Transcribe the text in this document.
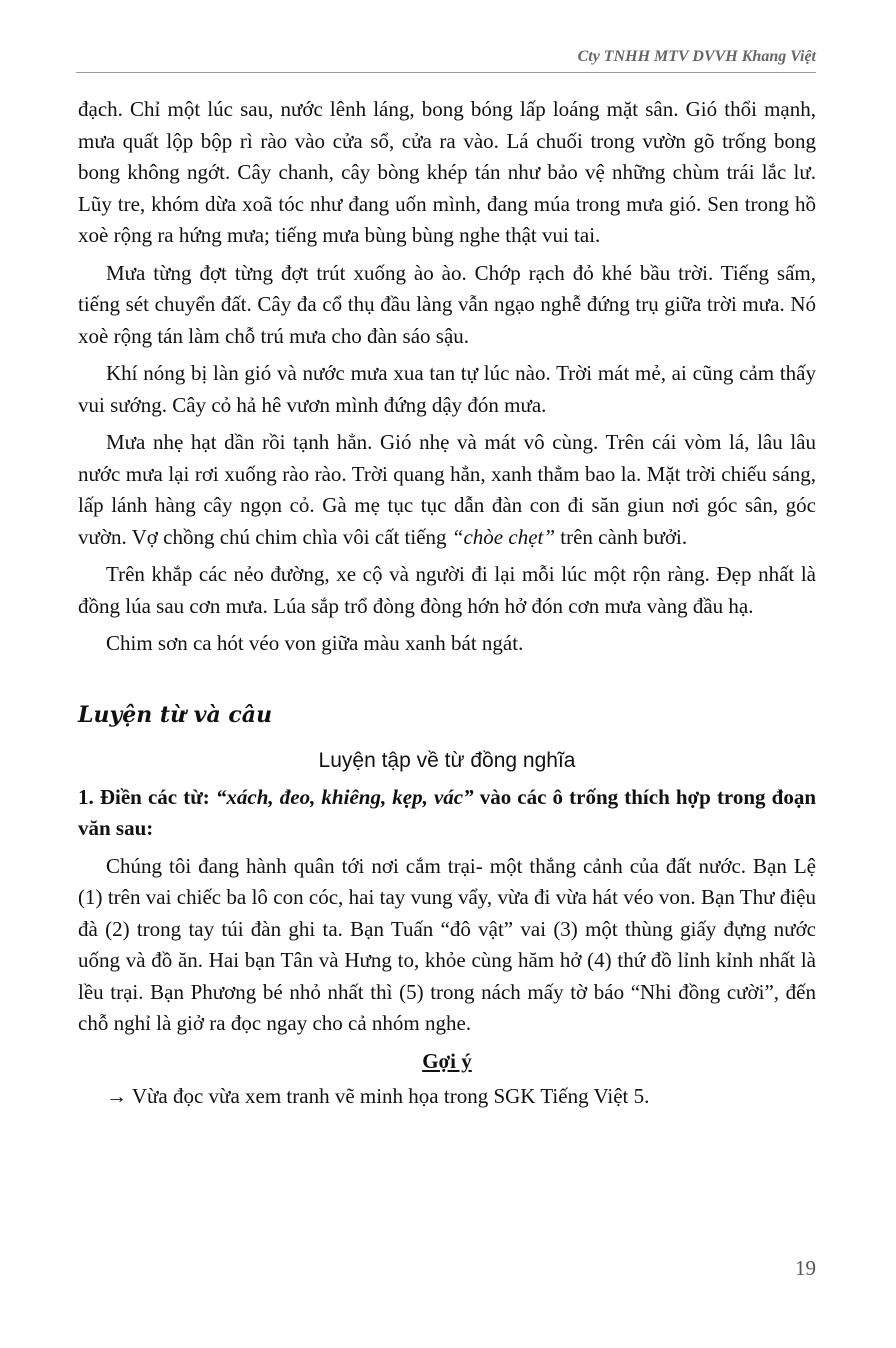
Cty TNHH MTV DVVH Khang Việt

đạch. Chỉ một lúc sau, nước lênh láng, bong bóng lấp loáng mặt sân. Gió thổi mạnh, mưa quất lộp bộp rì rào vào cửa sổ, cửa ra vào. Lá chuối trong vườn gõ trống bong bong không ngớt. Cây chanh, cây bòng khép tán như bảo vệ những chùm trái lắc lư. Lũy tre, khóm dừa xoã tóc như đang uốn mình, đang múa trong mưa gió. Sen trong hồ xoè rộng ra hứng mưa; tiếng mưa bùng bùng nghe thật vui tai.

Mưa từng đợt từng đợt trút xuống ào ào. Chớp rạch đỏ khé bầu trời. Tiếng sấm, tiếng sét chuyển đất. Cây đa cổ thụ đầu làng vẫn ngạo nghễ đứng trụ giữa trời mưa. Nó xoè rộng tán làm chỗ trú mưa cho đàn sáo sậu.

Khí nóng bị làn gió và nước mưa xua tan tự lúc nào. Trời mát mẻ, ai cũng cảm thấy vui sướng. Cây cỏ hả hê vươn mình đứng dậy đón mưa.

Mưa nhẹ hạt dần rồi tạnh hẳn. Gió nhẹ và mát vô cùng. Trên cái vòm lá, lâu lâu nước mưa lại rơi xuống rào rào. Trời quang hẳn, xanh thẳm bao la. Mặt trời chiếu sáng, lấp lánh hàng cây ngọn cỏ. Gà mẹ tục tục dẫn đàn con đi săn giun nơi góc sân, góc vườn. Vợ chồng chú chim chìa vôi cất tiếng “chòe chẹt” trên cành bưởi.

Trên khắp các nẻo đường, xe cộ và người đi lại mỗi lúc một rộn ràng. Đẹp nhất là đồng lúa sau cơn mưa. Lúa sắp trổ đòng đòng hớn hở đón cơn mưa vàng đầu hạ.

Chim sơn ca hót véo von giữa màu xanh bát ngát.

Luyện từ và câu
Luyện tập về từ đồng nghĩa

1. Điền các từ: “xách, đeo, khiêng, kẹp, vác” vào các ô trống thích hợp trong đoạn văn sau:

Chúng tôi đang hành quân tới nơi cắm trại- một thắng cảnh của đất nước. Bạn Lệ (1) trên vai chiếc ba lô con cóc, hai tay vung vẩy, vừa đi vừa hát véo von. Bạn Thư điệu đà (2) trong tay túi đàn ghi ta. Bạn Tuấn “đô vật” vai (3) một thùng giấy đựng nước uống và đồ ăn. Hai bạn Tân và Hưng to, khỏe cùng hăm hở (4) thứ đồ lỉnh kỉnh nhất là lều trại. Bạn Phương bé nhỏ nhất thì (5) trong nách mấy tờ báo “Nhi đồng cười”, đến chỗ nghỉ là giở ra đọc ngay cho cả nhóm nghe.

Gợi ý

→ Vừa đọc vừa xem tranh vẽ minh họa trong SGK Tiếng Việt 5.

19
